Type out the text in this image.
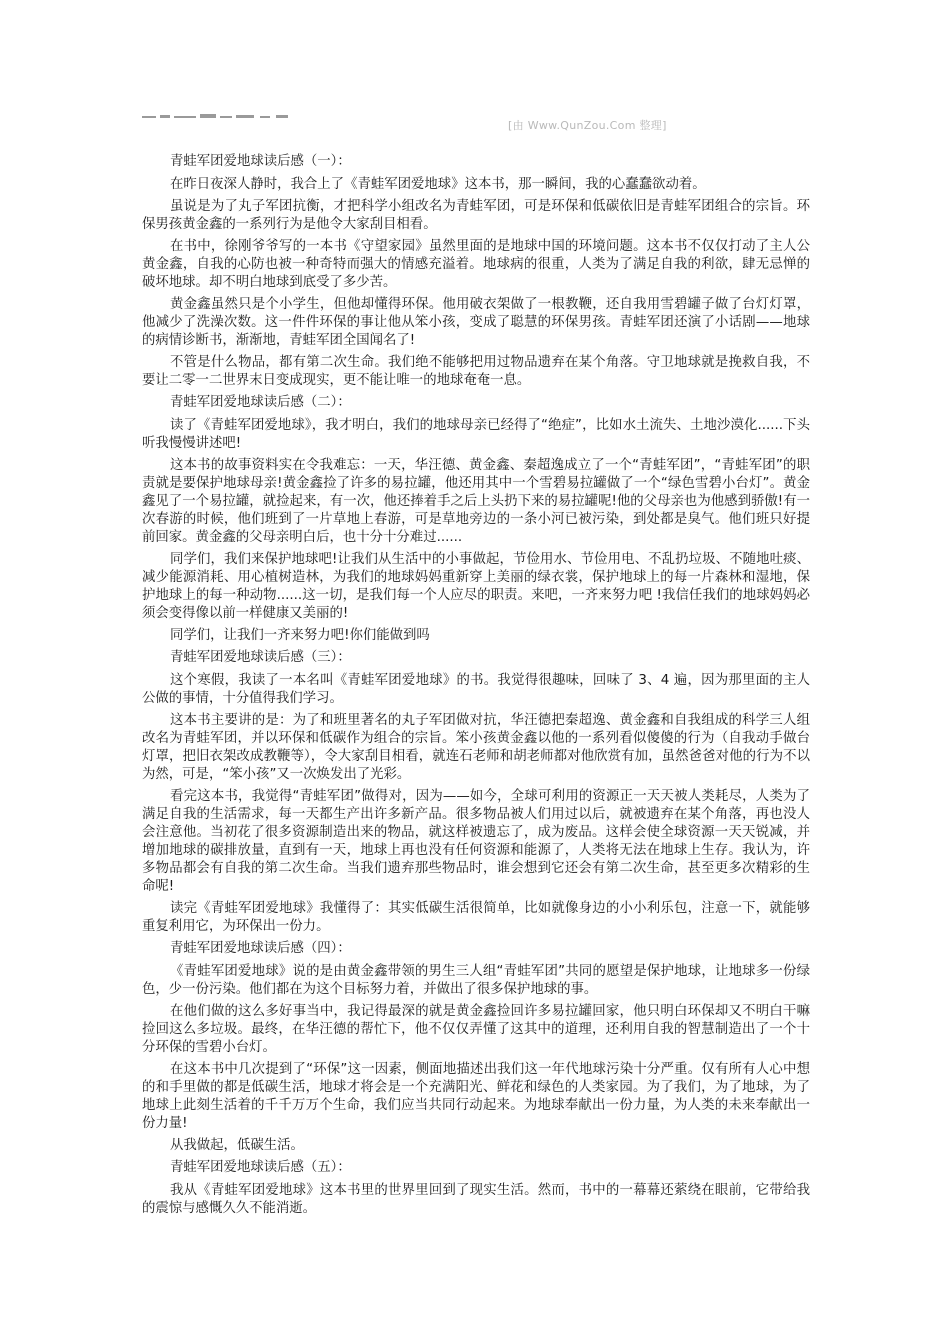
[由 Www.QunZou.Com 整理]

青蛙军团爱地球读后感（一）：

在昨日夜深人静时，我合上了《青蛙军团爱地球》这本书，那一瞬间，我的心蠢蠢欲动着。

虽说是为了丸子军团抗衡，才把科学小组改名为青蛙军团，可是环保和低碳依旧是青蛙军团组合的宗旨。环保男孩黄金鑫的一系列行为是他令大家刮目相看。

在书中，徐刚爷爷写的一本书《守望家园》虽然里面的是地球中国的环境问题。这本书不仅仅打动了主人公黄金鑫，自我的心防也被一种奇特而强大的情感充溢着。地球病的很重，人类为了满足自我的利欲，肆无忌惮的破坏地球。却不明白地球到底受了多少苦。

黄金鑫虽然只是个小学生，但他却懂得环保。他用破衣架做了一根教鞭，还自我用雪碧罐子做了台灯灯罩，他减少了洗澡次数。这一件件环保的事让他从笨小孩，变成了聪慧的环保男孩。青蛙军团还演了小话剧——地球的病情诊断书，渐渐地，青蛙军团全国闻名了!

不管是什么物品，都有第二次生命。我们绝不能够把用过物品遗弃在某个角落。守卫地球就是挽救自我，不要让二零一二世界末日变成现实，更不能让唯一的地球奄奄一息。

青蛙军团爱地球读后感（二）：

读了《青蛙军团爱地球》，我才明白，我们的地球母亲已经得了“绝症”，比如水土流失、土地沙漠化......下头听我慢慢讲述吧!

这本书的故事资料实在令我难忘：一天，华汪德、黄金鑫、秦超逸成立了一个“青蛙军团”，“青蛙军团”的职责就是要保护地球母亲!黄金鑫捡了许多的易拉罐，他还用其中一个雪碧易拉罐做了一个“绿色雪碧小台灯”。黄金鑫见了一个易拉罐，就捡起来，有一次，他还捧着手之后上头扔下来的易拉罐呢!他的父母亲也为他感到骄傲!有一次春游的时候，他们班到了一片草地上春游，可是草地旁边的一条小河已被污染，到处都是臭气。他们班只好提前回家。黄金鑫的父母亲明白后，也十分十分难过......

同学们，我们来保护地球吧!让我们从生活中的小事做起，节俭用水、节俭用电、不乱扔垃圾、不随地吐痰、减少能源消耗、用心植树造林，为我们的地球妈妈重新穿上美丽的绿衣裳，保护地球上的每一片森林和湿地，保护地球上的每一种动物......这一切，是我们每一个人应尽的职责。来吧，一齐来努力吧 !我信任我们的地球妈妈必须会变得像以前一样健康又美丽的!

同学们，让我们一齐来努力吧!你们能做到吗

青蛙军团爱地球读后感（三）：

这个寒假，我读了一本名叫《青蛙军团爱地球》的书。我觉得很趣味，回味了 3、4 遍，因为那里面的主人公做的事情，十分值得我们学习。

这本书主要讲的是：为了和班里著名的丸子军团做对抗，华汪德把秦超逸、黄金鑫和自我组成的科学三人组改名为青蛙军团，并以环保和低碳作为组合的宗旨。笨小孩黄金鑫以他的一系列看似傻傻的行为（自我动手做台灯罩，把旧衣架改成教鞭等），令大家刮目相看，就连石老师和胡老师都对他欣赏有加，虽然爸爸对他的行为不以为然，可是，“笨小孩”又一次焕发出了光彩。

看完这本书，我觉得“青蛙军团”做得对，因为——如今，全球可利用的资源正一天天被人类耗尽，人类为了满足自我的生活需求，每一天都生产出许多新产品。很多物品被人们用过以后，就被遗弃在某个角落，再也没人会注意他。当初花了很多资源制造出来的物品，就这样被遗忘了，成为废品。这样会使全球资源一天天锐减，并增加地球的碳排放量，直到有一天，地球上再也没有任何资源和能源了，人类将无法在地球上生存。我认为，许多物品都会有自我的第二次生命。当我们遗弃那些物品时，谁会想到它还会有第二次生命，甚至更多次精彩的生命呢!

读完《青蛙军团爱地球》我懂得了：其实低碳生活很简单，比如就像身边的小小利乐包，注意一下，就能够重复利用它，为环保出一份力。

青蛙军团爱地球读后感（四）：

《青蛙军团爱地球》说的是由黄金鑫带领的男生三人组“青蛙军团”共同的愿望是保护地球，让地球多一份绿色，少一份污染。他们都在为这个目标努力着，并做出了很多保护地球的事。

在他们做的这么多好事当中，我记得最深的就是黄金鑫捡回许多易拉罐回家，他只明白环保却又不明白干嘛捡回这么多垃圾。最终，在华汪德的帮忙下，他不仅仅弄懂了这其中的道理，还利用自我的智慧制造出了一个十分环保的雪碧小台灯。

在这本书中几次提到了“环保”这一因素，侧面地描述出我们这一年代地球污染十分严重。仅有所有人心中想的和手里做的都是低碳生活，地球才将会是一个充满阳光、鲜花和绿色的人类家园。为了我们，为了地球，为了地球上此刻生活着的千千万万个生命，我们应当共同行动起来。为地球奉献出一份力量，为人类的未来奉献出一份力量!

从我做起，低碳生活。

青蛙军团爱地球读后感（五）：

我从《青蛙军团爱地球》这本书里的世界里回到了现实生活。然而，书中的一幕幕还萦绕在眼前，它带给我的震惊与感慨久久不能消逝。
